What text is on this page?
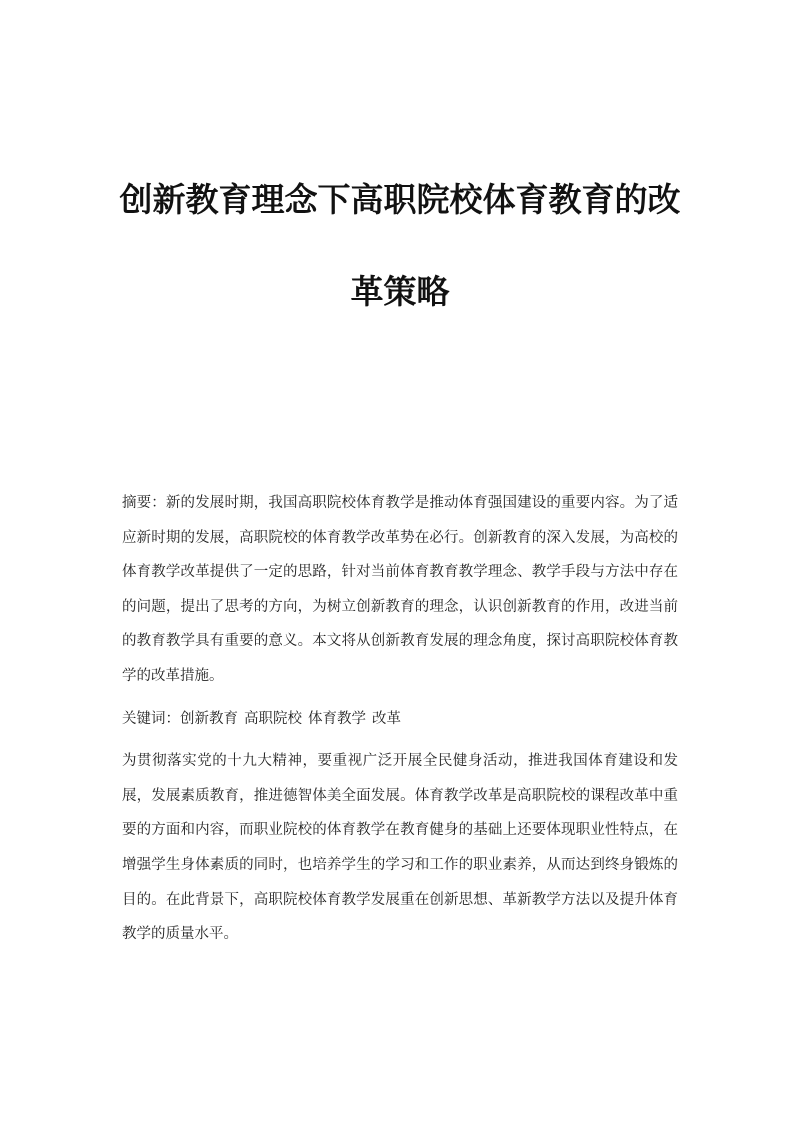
创新教育理念下高职院校体育教育的改
革策略

摘要：新的发展时期，我国高职院校体育教学是推动体育强国建设的重要内容。为了适应新时期的发展，高职院校的体育教学改革势在必行。创新教育的深入发展，为高校的体育教学改革提供了一定的思路，针对当前体育教育教学理念、教学手段与方法中存在的问题，提出了思考的方向，为树立创新教育的理念，认识创新教育的作用，改进当前的教育教学具有重要的意义。本文将从创新教育发展的理念角度，探讨高职院校体育教学的改革措施。

关键词：创新教育 高职院校 体育教学 改革

为贯彻落实党的十九大精神，要重视广泛开展全民健身活动，推进我国体育建设和发展，发展素质教育，推进德智体美全面发展。体育教学改革是高职院校的课程改革中重要的方面和内容，而职业院校的体育教学在教育健身的基础上还要体现职业性特点，在增强学生身体素质的同时，也培养学生的学习和工作的职业素养，从而达到终身锻炼的目的。在此背景下，高职院校体育教学发展重在创新思想、革新教学方法以及提升体育教学的质量水平。
